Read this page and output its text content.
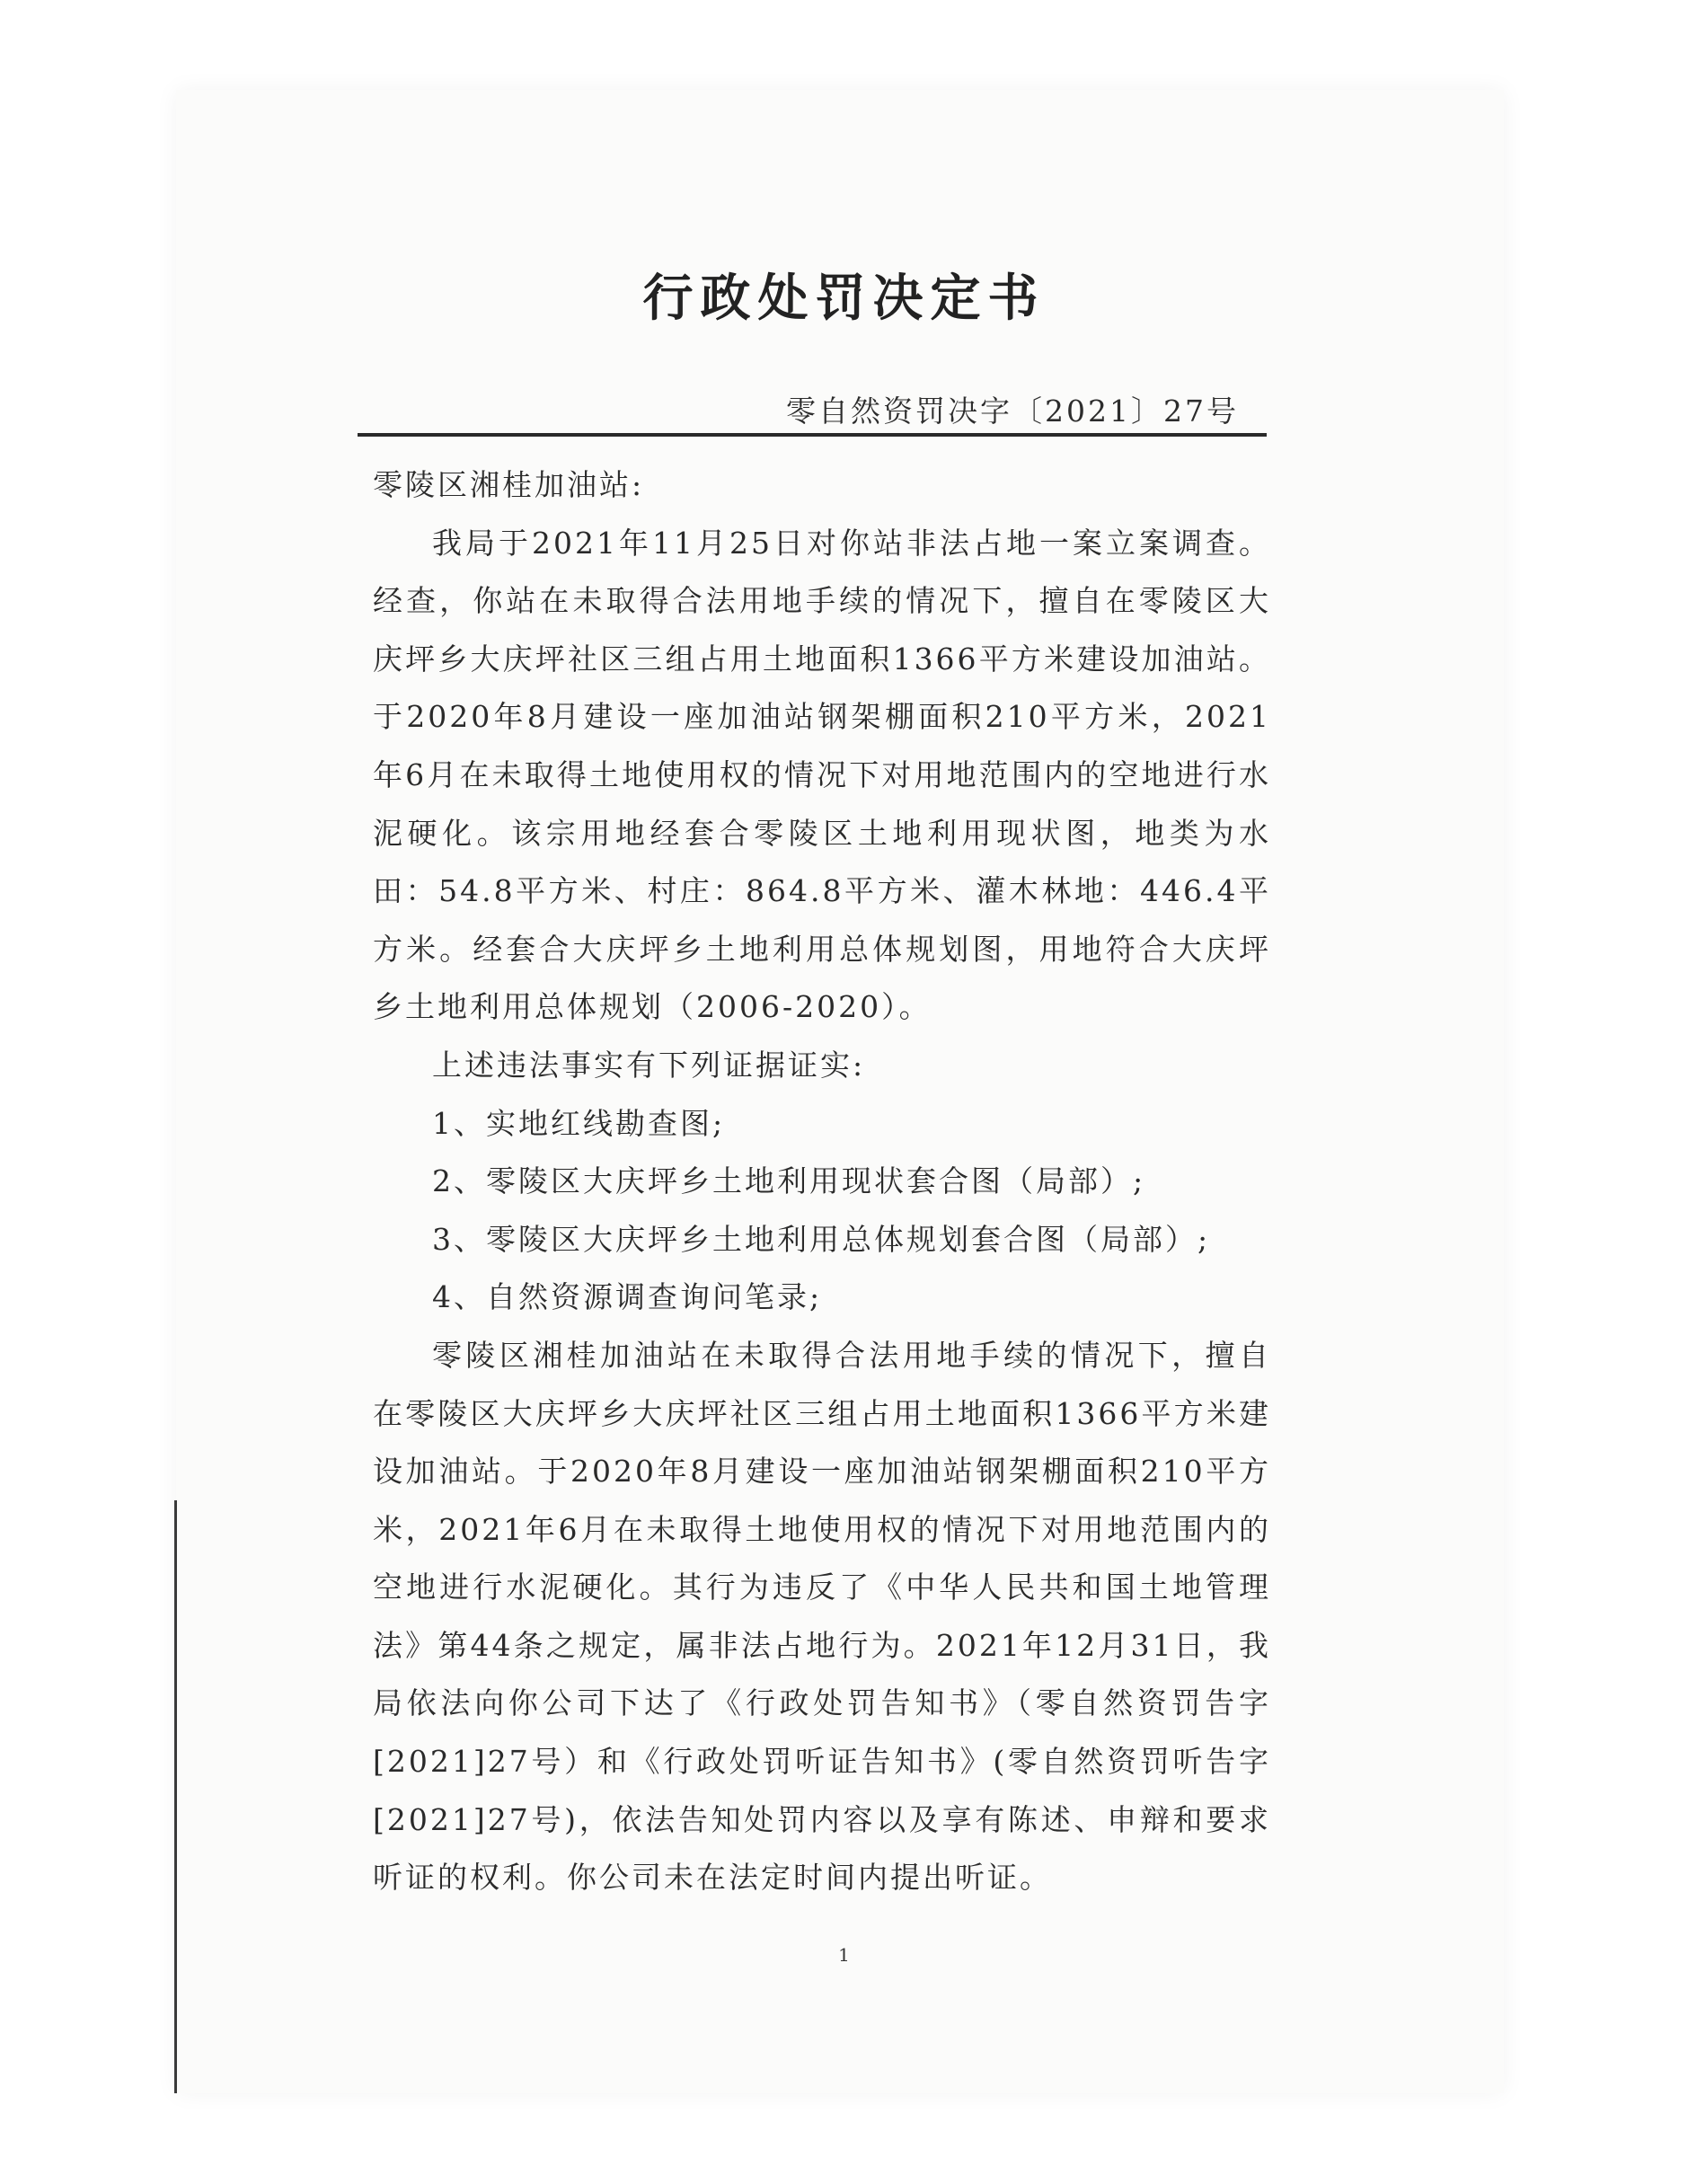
行政处罚决定书
零自然资罚决字〔2021〕27号

零陵区湘桂加油站:

我局于2021年11月25日对你站非法占地一案立案调查。经查，你站在未取得合法用地手续的情况下，擅自在零陵区大庆坪乡大庆坪社区三组占用土地面积1366平方米建设加油站。于2020年8月建设一座加油站钢架棚面积210平方米，2021年6月在未取得土地使用权的情况下对用地范围内的空地进行水泥硬化。该宗用地经套合零陵区土地利用现状图，地类为水田：54.8平方米、村庄：864.8平方米、灌木林地：446.4平方米。经套合大庆坪乡土地利用总体规划图，用地符合大庆坪乡土地利用总体规划（2006-2020）。

上述违法事实有下列证据证实:

1、实地红线勘查图;

2、零陵区大庆坪乡土地利用现状套合图（局部）;

3、零陵区大庆坪乡土地利用总体规划套合图（局部）;

4、自然资源调查询问笔录;

零陵区湘桂加油站在未取得合法用地手续的情况下，擅自在零陵区大庆坪乡大庆坪社区三组占用土地面积1366平方米建设加油站。于2020年8月建设一座加油站钢架棚面积210平方米，2021年6月在未取得土地使用权的情况下对用地范围内的空地进行水泥硬化。其行为违反了《中华人民共和国土地管理法》第44条之规定，属非法占地行为。2021年12月31日，我局依法向你公司下达了《行政处罚告知书》（零自然资罚告字[2021]27号）和《行政处罚听证告知书》(零自然资罚听告字[2021]27号)，依法告知处罚内容以及享有陈述、申辩和要求听证的权利。你公司未在法定时间内提出听证。

1
